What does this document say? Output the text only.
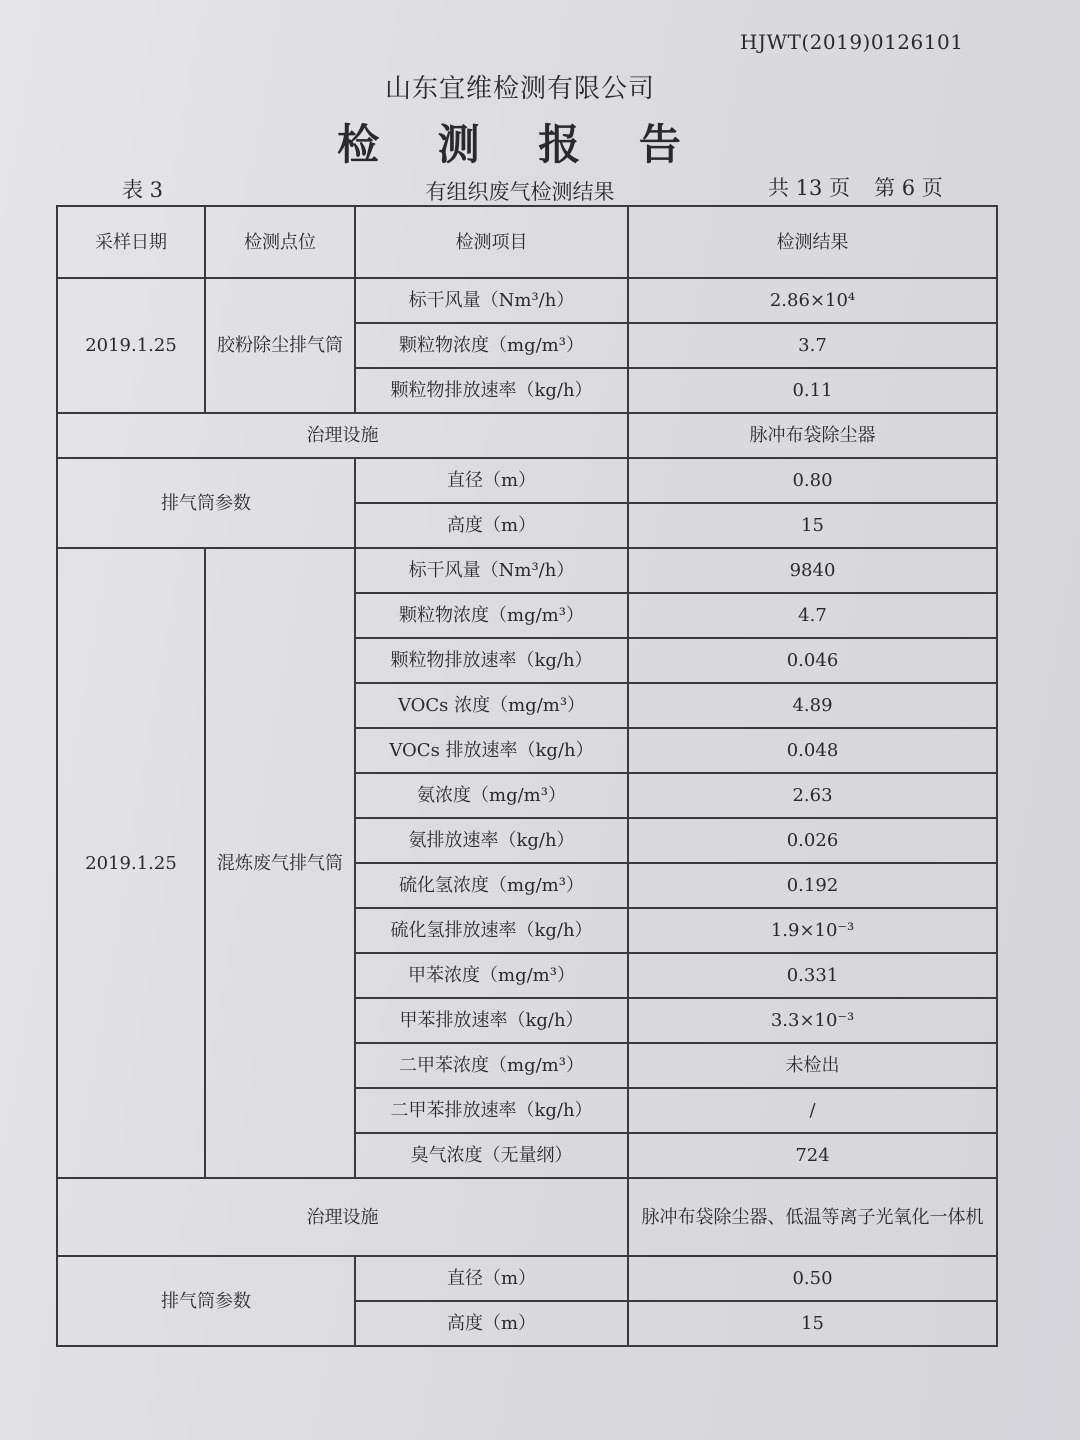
HJWT(2019)0126101
山东宜维检测有限公司
检 测 报 告
表 3	有组织废气检测结果	共 13 页 第 6 页
采样日期	检测点位	检测项目	检测结果
2019.1.25	胶粉除尘排气筒	标干风量（Nm³/h）	2.86×10⁴
		颗粒物浓度（mg/m³）	3.7
		颗粒物排放速率（kg/h）	0.11
治理设施			脉冲布袋除尘器
排气筒参数		直径（m）	0.80
		高度（m）	15
2019.1.25	混炼废气排气筒	标干风量（Nm³/h）	9840
		颗粒物浓度（mg/m³）	4.7
		颗粒物排放速率（kg/h）	0.046
		VOCs 浓度（mg/m³）	4.89
		VOCs 排放速率（kg/h）	0.048
		氨浓度（mg/m³）	2.63
		氨排放速率（kg/h）	0.026
		硫化氢浓度（mg/m³）	0.192
		硫化氢排放速率（kg/h）	1.9×10⁻³
		甲苯浓度（mg/m³）	0.331
		甲苯排放速率（kg/h）	3.3×10⁻³
		二甲苯浓度（mg/m³）	未检出
		二甲苯排放速率（kg/h）	/
		臭气浓度（无量纲）	724
治理设施			脉冲布袋除尘器、低温等离子光氧化一体机
排气筒参数		直径（m）	0.50
		高度（m）	15
